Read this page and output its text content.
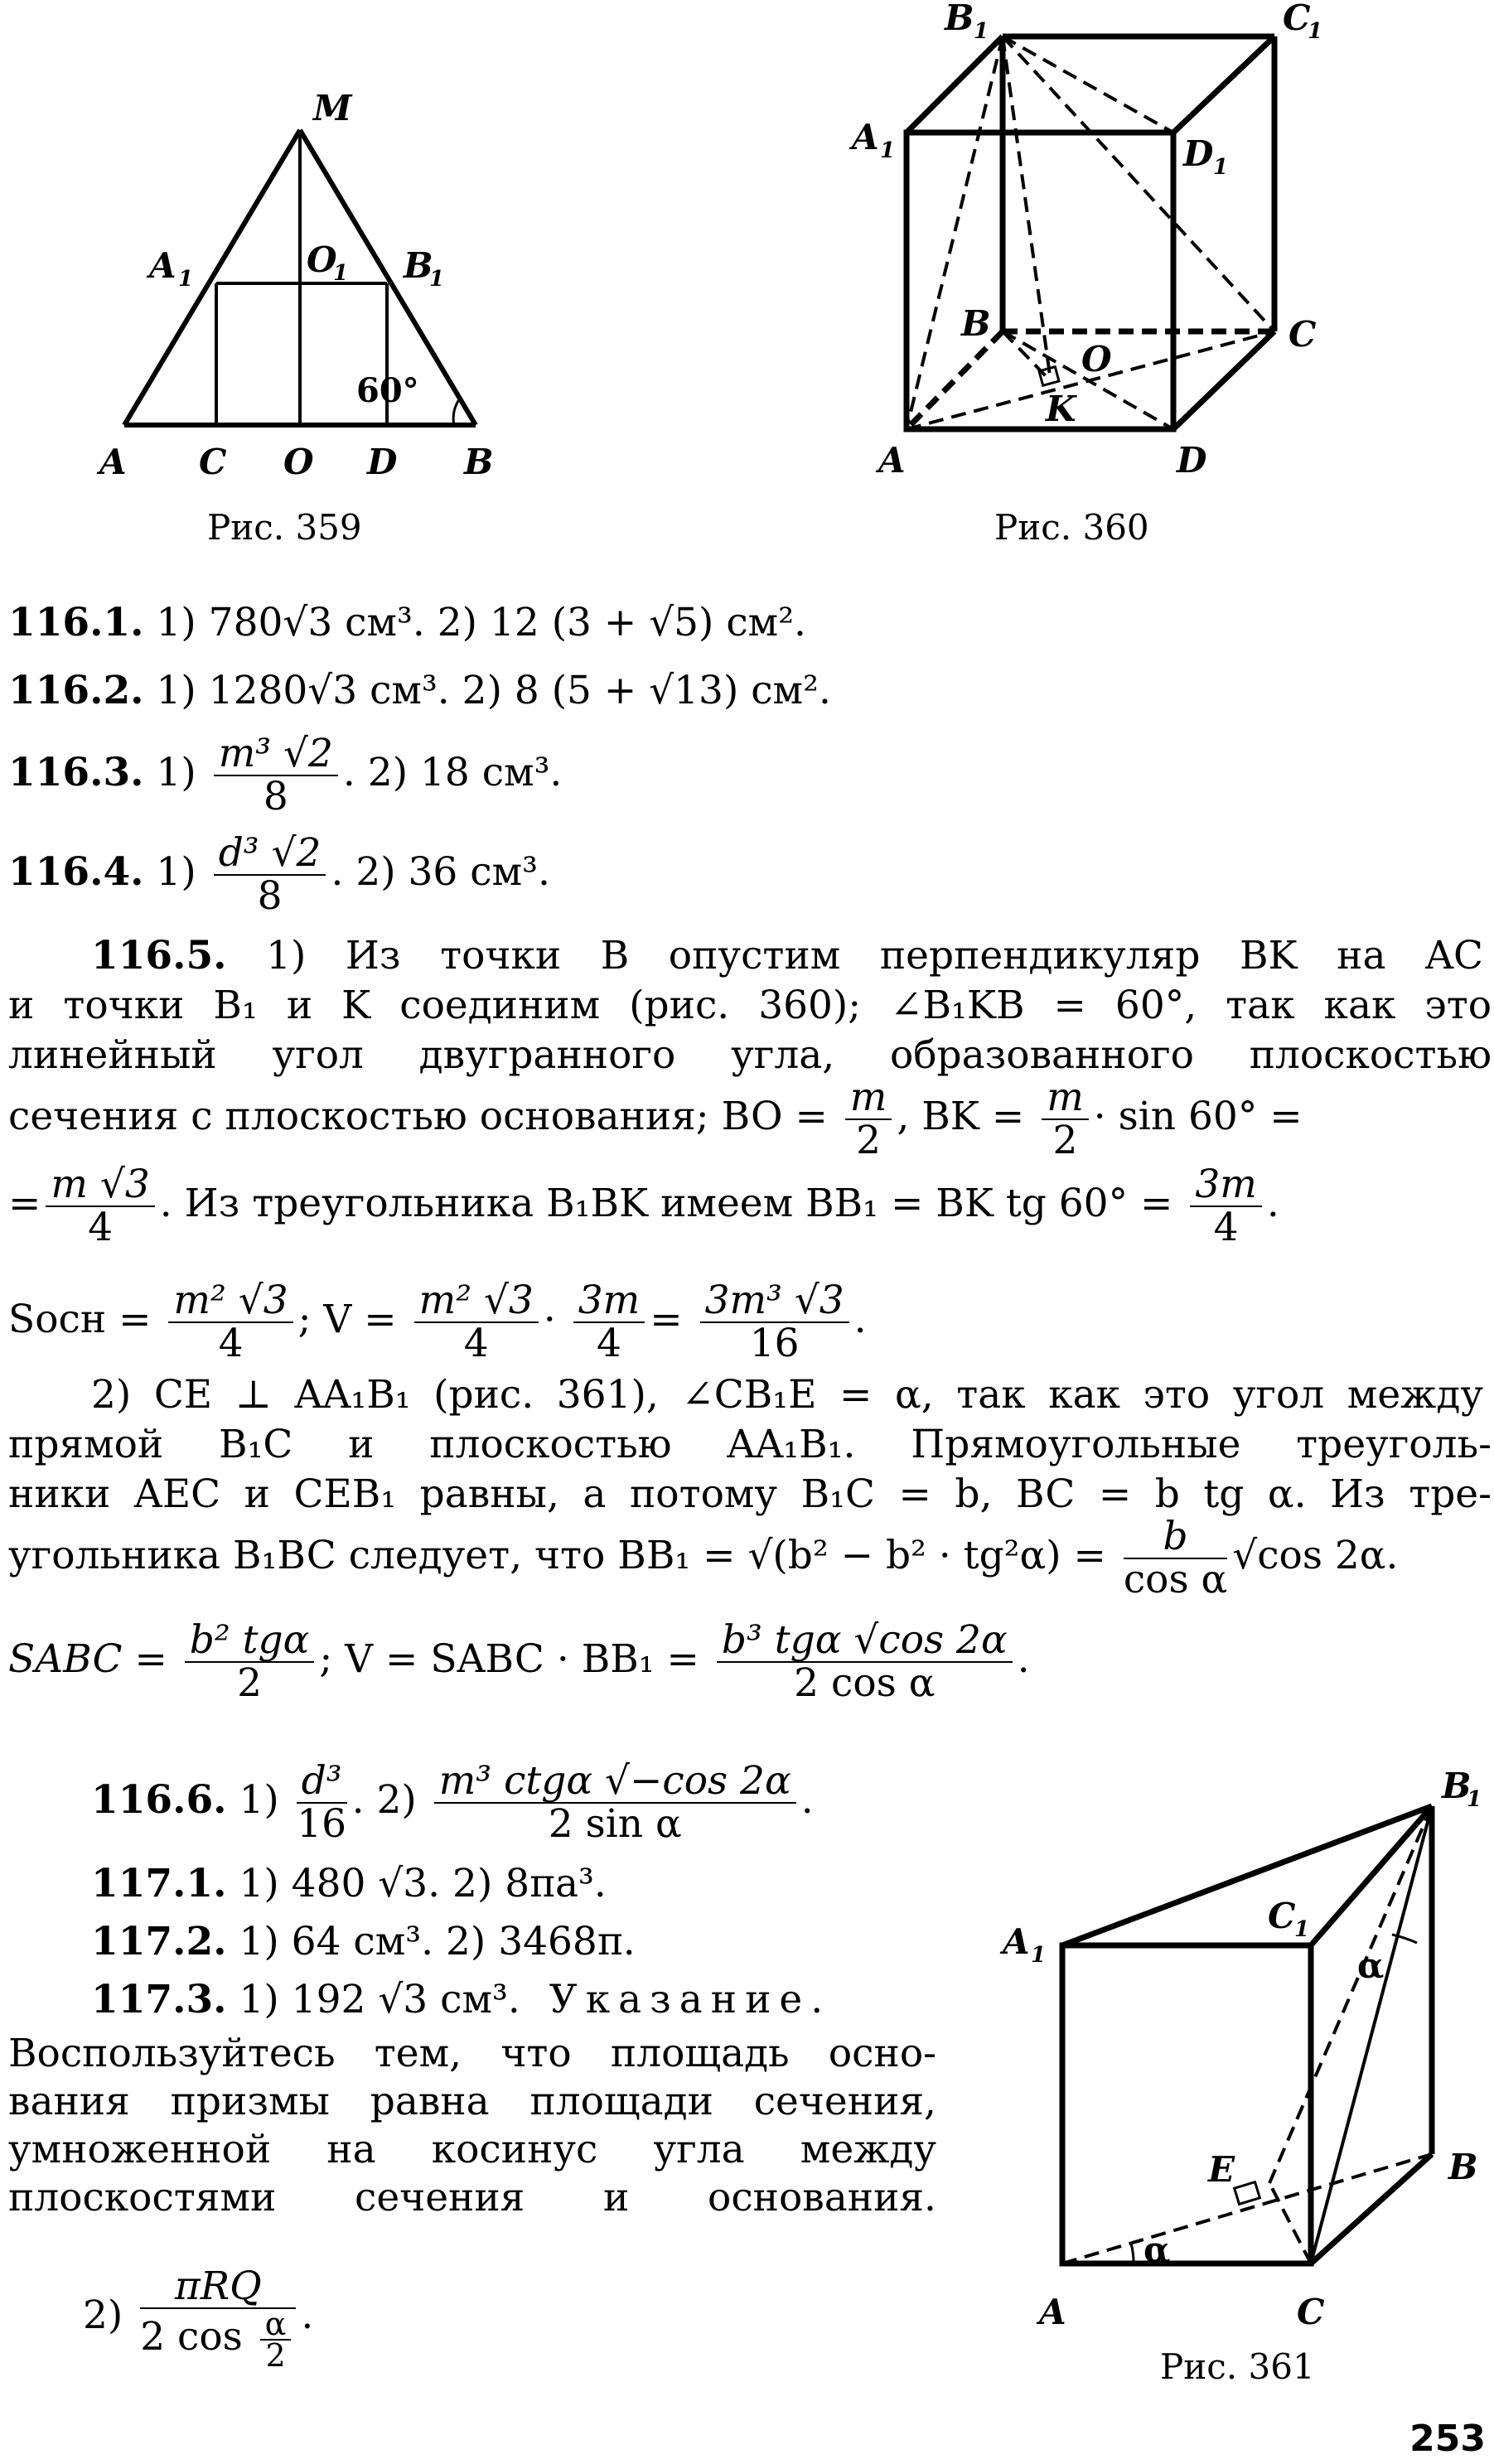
M
A 1	O
1 B
1
A C O D B
60°
Рис. 359
B 1	C
1
A 1	D 1
B	C
O
K
A	D
Рис. 360
116.1. 1) 780√3 см³. 2) 12 (3 + √5) см².
116.2. 1) 1280√3 см³. 2) 8 (5 + √13) см².
116.3. $1) \frac{\text{m³ √2}}{8}$ . 2) 18 см³.
116.4. $1) \frac{\text{d³ √2}}{8}$ . 2) 36 см³.
116.5. 1) Из точки B опустим перпендикуляр BK на AC
и точки B₁ и K соединим (рис. 360); ∠B₁KB = 60°, так как это
линейный угол двугранного угла, образованного плоскостью
сечения с плоскостью основания; BO = $\frac{m}{2}$ , BK = $\frac{m}{2} \cdot \sin 60^\circ$ =
= $\frac{m √3}{4}$ . Из треугольника B₁BK имеем BB₁ = BK tg $60^\circ = \frac{3m}{4}$ .
Sосн = $\frac{\text{m² √3}}{4}$ ; $V = \frac{\text{m² √3}}{4} \cdot \frac{3m}{4} = \frac{\text{3m³ √3}}{16}$ .
2) CE ⊥ AA₁B₁ (рис. 361), ∠CB₁E = α, так как это угол между
прямой B₁C и плоскостью AA₁B₁. Прямоугольные треуголь-
ники AEC и CEB₁ равны, а потому B₁C = b, BC = b tg α. Из тре-
угольника B₁BC следует, что $BB_1 = √(b^2 - b^2 \cdot tg^2\alpha) = \frac{b}{\text{cos α}} √\cos$ 2α.
SABC = $\frac{\text{b² tgα}}{2}$ ; V = SABC · $BB_1 = \frac{\text{b³ tgα √cos 2α}}{\text{2 cos α}}$ .
116.6. $1) \frac{\text{d³}}{16}$ . $2) \frac{\text{m³ ctgα √−cos 2α}}{\text{2 sin α}}$ .
117.1. 1) 480 √3. 2) 8πa³.
117.2. 1) 64 см³. 2) 3468π.
117.3. 1) 192 √3 см³. Указание.
Воспользуйтесь тем, что площадь осно-
вания призмы равна площади сечения,
умноженной на косинус угла между
плоскостями сечения и основания.
$2) \frac{\text{πRQ}}{2 \cos \frac{\alpha}{2}}$ .
B
1
C
1
A 1
B
E
A	C
α
α
Рис. 361
253
